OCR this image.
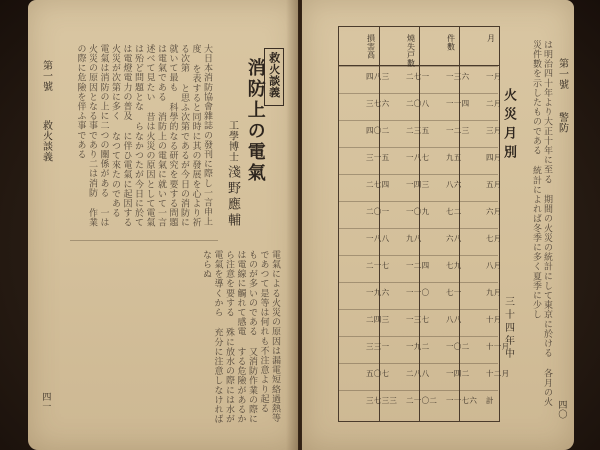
第一號
救火談義
四一
救火談義
消防上の電氣
工學博士
淺野應輔
大日本消防協會雜誌の發刊に際し一言申上度 を表すると同時に其の發展を心より祈る次第 と思ふ次第であるが今日の消防に就いて最も 科學的なる研究を要する問題は電氣である 消防上の電氣に就いて一言述べて見たい 昔は火災の原因として電氣は殆ど問題とな らなかつたが今日に於ては電燈電力の普及 に伴ひ電氣に起因する火災が次第に多く なつて來たのである 電氣は消防の上に二つの關係がある 一は火災の原因となる事であり二は消防 作業の際に危險を伴ふ事である
電氣による火災の原因は漏電短絡過熱等 であつて是等は何れも不注意より起る ものが多いのである 又消防作業の際には電線に觸れて感電 する危險があるから注意を要する 殊に放水の際には水が電氣を導くから 充分に注意しなければならぬ
第一號
警防
四〇
は明治四十年より大正十年に至る 期間の火災の統計にして東京に於ける 各月の火災件數を示したものである 統計によれば冬季に多く夏季に少し
火災月別
三十四年中
月
件數
燒失戸數
損害高
一月
一三六
二七一
四八三
二月
一一四
二〇八
三七六
三月
一二三
二三五
四〇二
四月
九五
一八七
三一五
五月
八六
一四三
二七四
六月
七二
一〇九
二〇一
七月
六八
九八
一八八
八月
七九
一二四
二一七
九月
七一
一一〇
一九六
十月
八八
一三七
二四三
十一月
一〇二
一九二
三三一
十二月
一四二
二八八
五〇七
計
一一七六
二一〇二
三七三三
